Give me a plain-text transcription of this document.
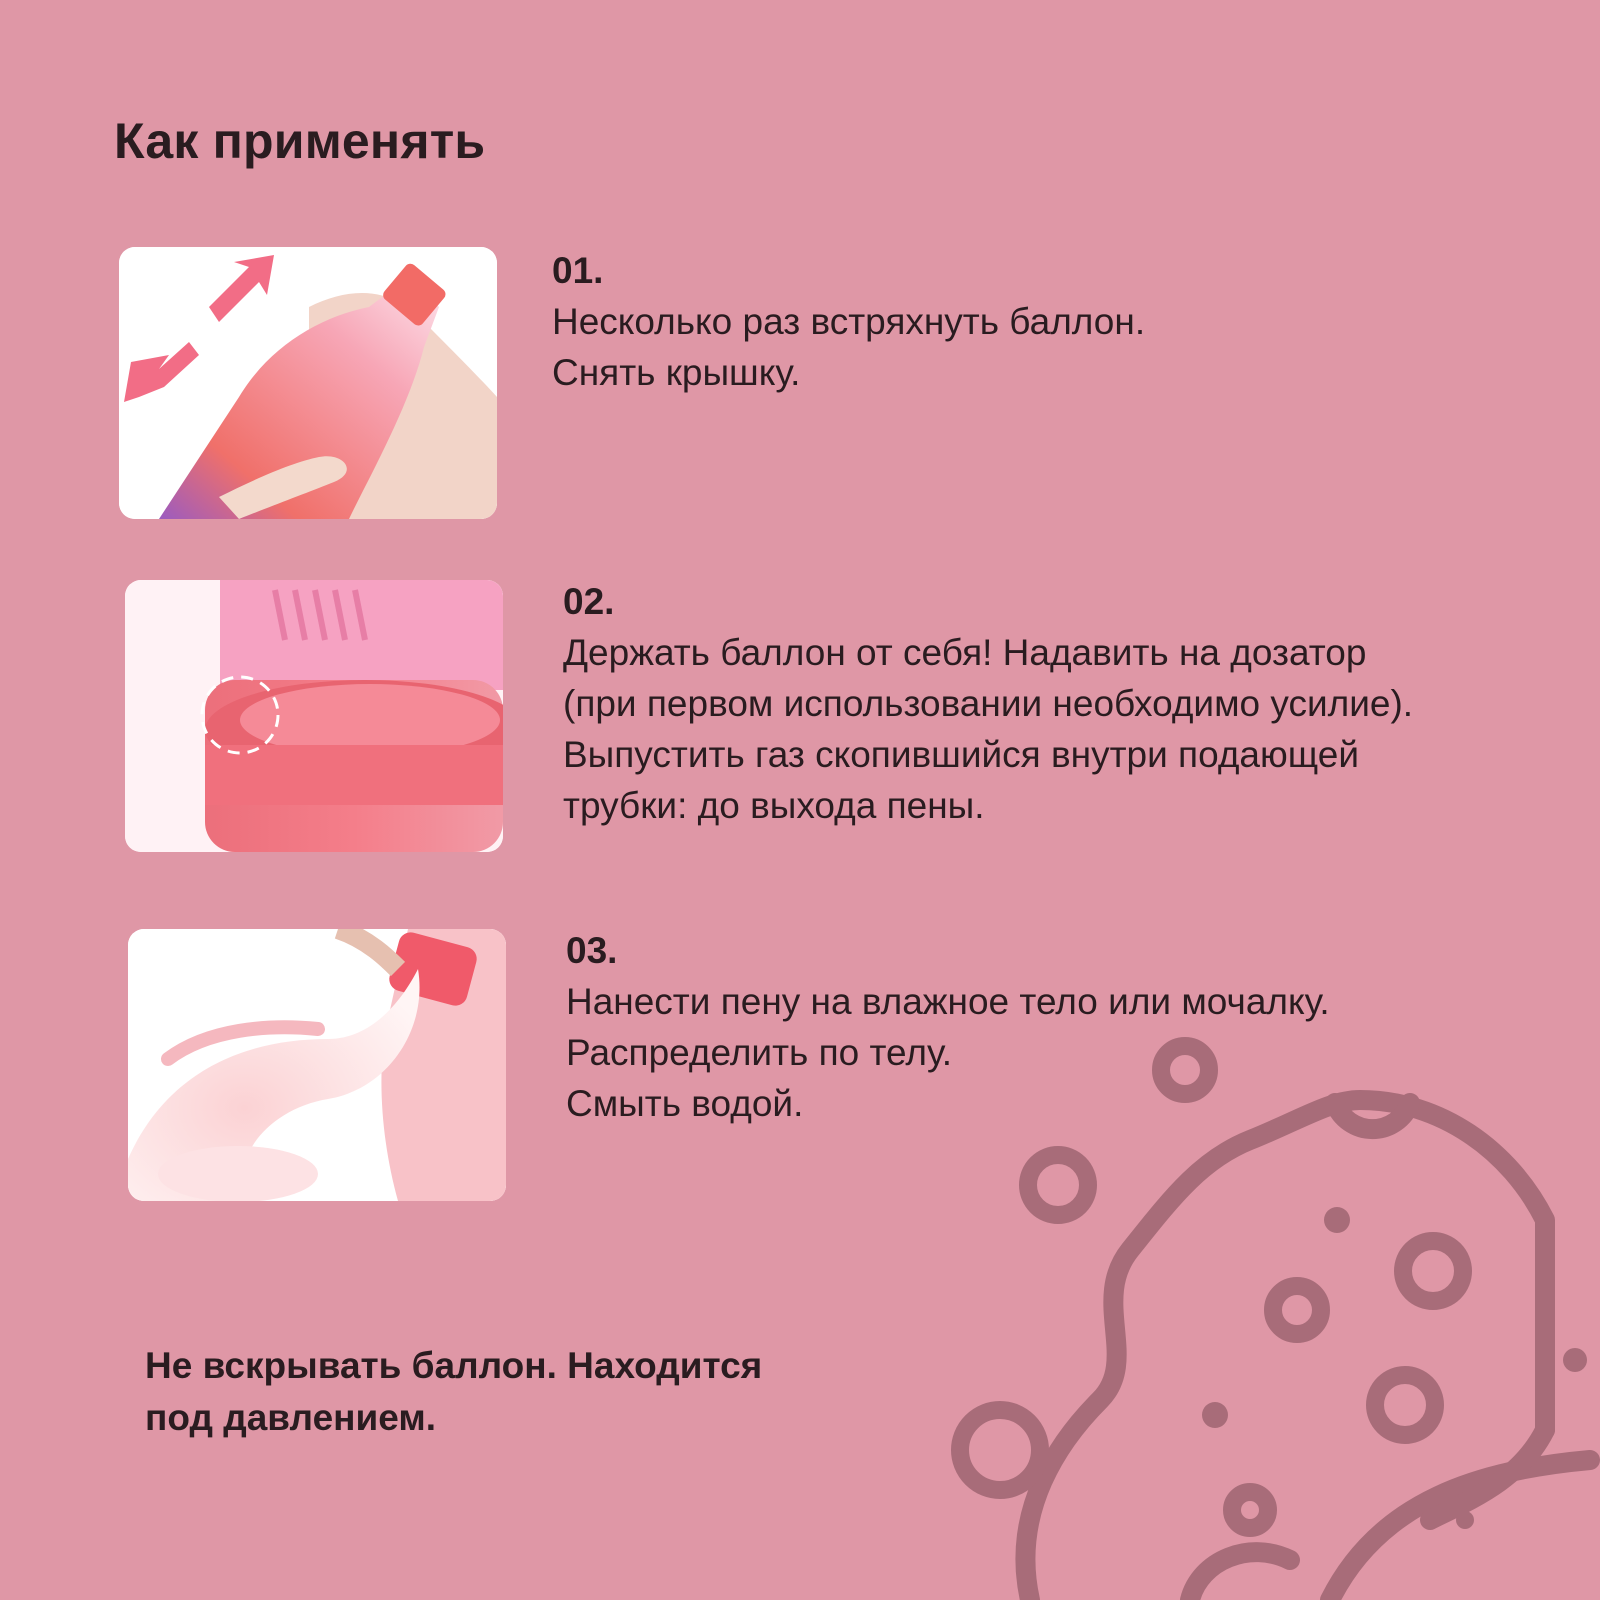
Как применять
01.
Несколько раз встряхнуть баллон.
Снять крышку.
02.
Держать баллон от себя! Надавить на дозатор
(при первом использовании необходимо усилие).
Выпустить газ скопившийся внутри подающей
трубки: до выхода пены.
03.
Нанести пену на влажное тело или мочалку.
Распределить по телу.
Смыть водой.
Не вскрывать баллон. Находится
под давлением.
